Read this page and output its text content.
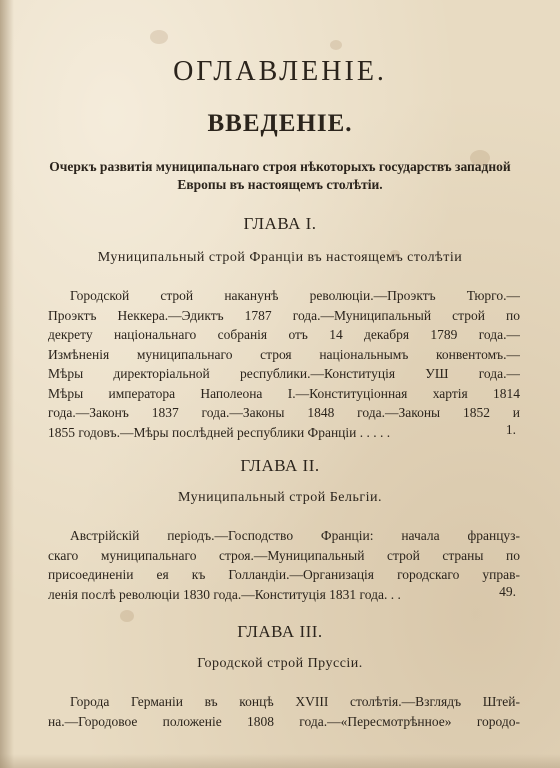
ОГЛАВЛЕНІЕ.
ВВЕДЕНІЕ.
Очеркъ развитія муниципальнаго строя нѣкоторыхъ государствъ западной
Европы въ настоящемъ столѣтіи.
ГЛАВА I.
Муниципальный строй Франціи въ настоящемъ столѣтіи
Городской строй наканунѣ революціи.—Проэктъ Тюрго.—
Проэктъ Неккера.—Эдиктъ 1787 года.—Муниципальный строй по
декрету національнаго собранія отъ 14 декабря 1789 года.—
Измѣненія муниципальнаго строя національнымъ конвентомъ.—
Мѣры директоріальной республики.—Конституція УШ года.—
Мѣры императора Наполеона I.—Конституціонная хартія 1814
года.—Законъ 1837 года.—Законы 1848 года.—Законы 1852 и
1855 годовъ.—Мѣры послѣдней республики Франціи . . . . .	1.
ГЛАВА II.
Муниципальный строй Бельгіи.
Австрійскій періодъ.—Господство Франціи: начала француз-
скаго муниципальнаго строя.—Муниципальный строй страны по
присоединеніи ея къ Голландіи.—Организація городскаго управ-
ленія послѣ революціи 1830 года.—Конституція 1831 года. . .	49.
ГЛАВА III.
Городской строй Пруссіи.
Города Германіи въ концѣ XVIII столѣтія.—Взглядъ Штей-
на.—Городовое положеніе 1808 года.—«Пересмотрѣнное» городо-
